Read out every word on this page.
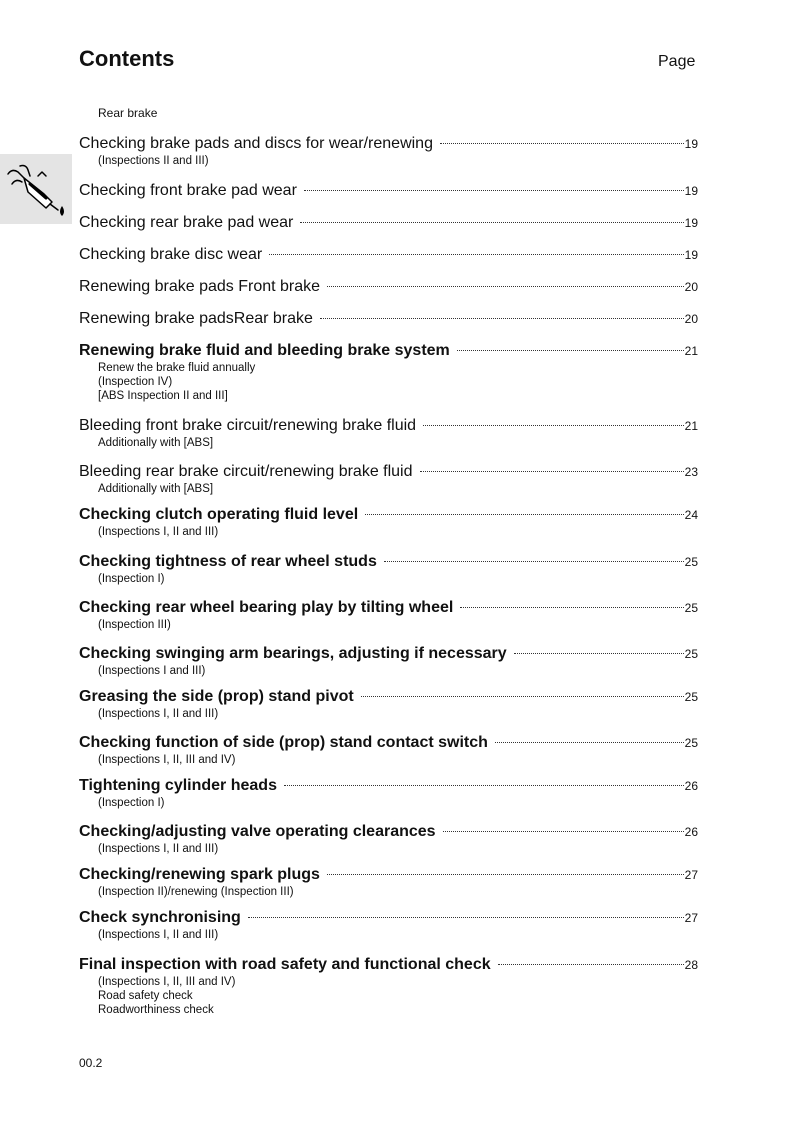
Contents	Page
Rear brake
Checking brake pads and discs for wear/renewing	19
(Inspections II and III)
Checking front brake pad wear	19
Checking rear brake pad wear	19
Checking brake disc wear	19
Renewing brake pads Front brake	20
Renewing brake padsRear brake	20
Renewing brake fluid and bleeding brake system	21
Renew the brake fluid annually
(Inspection IV)
[ABS Inspection II and III]
Bleeding front brake circuit/renewing brake fluid	21
Additionally with [ABS]
Bleeding rear brake circuit/renewing brake fluid	23
Additionally with [ABS]
Checking clutch operating fluid level	24
(Inspections I, II and III)
Checking tightness of rear wheel studs	25
(Inspection I)
Checking rear wheel bearing play by tilting wheel	25
(Inspection III)
Checking swinging arm bearings, adjusting if necessary	25
(Inspections I and III)
Greasing the side (prop) stand pivot	25
(Inspections I, II and III)
Checking function of side (prop) stand contact switch	25
(Inspections I, II, III and IV)
Tightening cylinder heads	26
(Inspection I)
Checking/adjusting valve operating clearances	26
(Inspections I, II and III)
Checking/renewing spark plugs	27
(Inspection II)/renewing (Inspection III)
Check synchronising	27
(Inspections I, II and III)
Final inspection with road safety and functional check	28
(Inspections I, II, III and IV)
Road safety check
Roadworthiness check
00.2
